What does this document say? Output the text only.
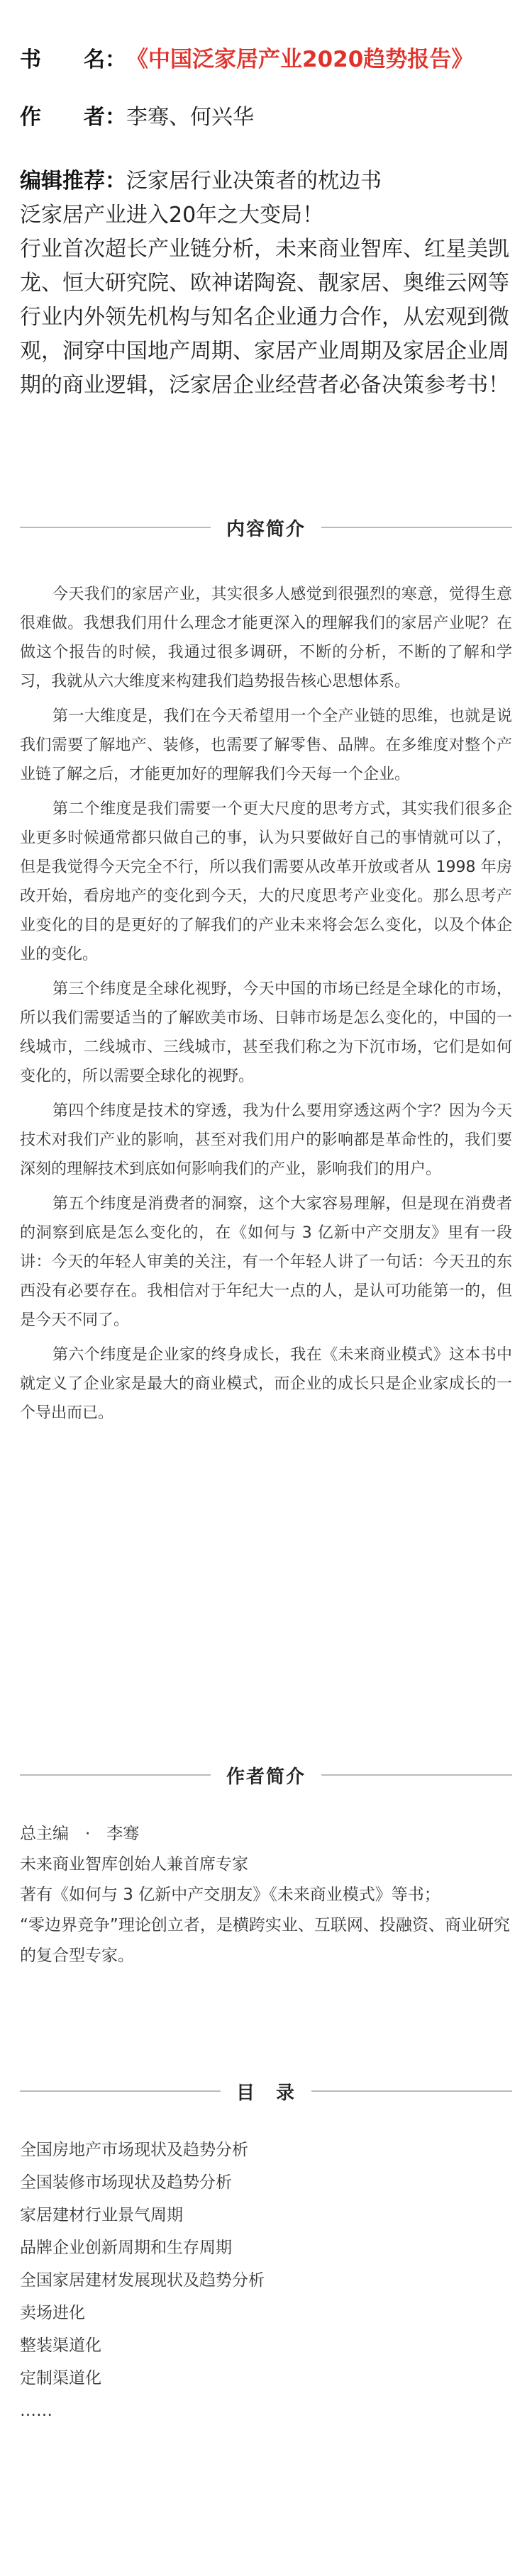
书　　名： 《中国泛家居产业2020趋势报告》
作　　者： 李骞、何兴华

编辑推荐：泛家居行业决策者的枕边书

泛家居产业进入20年之大变局！

行业首次超长产业链分析，未来商业智库、红星美凯龙、恒大研究院、欧神诺陶瓷、靓家居、奥维云网等行业内外领先机构与知名企业通力合作，从宏观到微观，洞穿中国地产周期、家居产业周期及家居企业周期的商业逻辑，泛家居企业经营者必备决策参考书！

内容简介

今天我们的家居产业，其实很多人感觉到很强烈的寒意，觉得生意很难做。我想我们用什么理念才能更深入的理解我们的家居产业呢？在做这个报告的时候，我通过很多调研，不断的分析，不断的了解和学习，我就从六大维度来构建我们趋势报告核心思想体系。

第一大维度是，我们在今天希望用一个全产业链的思维，也就是说我们需要了解地产、装修，也需要了解零售、品牌。在多维度对整个产业链了解之后，才能更加好的理解我们今天每一个企业。

第二个维度是我们需要一个更大尺度的思考方式，其实我们很多企业更多时候通常都只做自己的事，认为只要做好自己的事情就可以了，但是我觉得今天完全不行，所以我们需要从改革开放或者从 1998 年房改开始，看房地产的变化到今天，大的尺度思考产业变化。那么思考产业变化的目的是更好的了解我们的产业未来将会怎么变化，以及个体企业的变化。

第三个纬度是全球化视野，今天中国的市场已经是全球化的市场，所以我们需要适当的了解欧美市场、日韩市场是怎么变化的，中国的一线城市，二线城市、三线城市，甚至我们称之为下沉市场，它们是如何变化的，所以需要全球化的视野。

第四个纬度是技术的穿透，我为什么要用穿透这两个字？因为今天技术对我们产业的影响，甚至对我们用户的影响都是革命性的，我们要深刻的理解技术到底如何影响我们的产业，影响我们的用户。

第五个纬度是消费者的洞察，这个大家容易理解，但是现在消费者的洞察到底是怎么变化的，在《如何与 3 亿新中产交朋友》里有一段讲：今天的年轻人审美的关注，有一个年轻人讲了一句话：今天丑的东西没有必要存在。我相信对于年纪大一点的人，是认可功能第一的，但是今天不同了。

第六个纬度是企业家的终身成长，我在《未来商业模式》这本书中就定义了企业家是最大的商业模式，而企业的成长只是企业家成长的一个导出而已。

作者简介

总主编　·　李骞

未来商业智库创始人兼首席专家

著有《如何与 3 亿新中产交朋友》《未来商业模式》等书；

“零边界竞争”理论创立者，是横跨实业、互联网、投融资、商业研究的复合型专家。

目　录

全国房地产市场现状及趋势分析

全国装修市场现状及趋势分析

家居建材行业景气周期

品牌企业创新周期和生存周期

全国家居建材发展现状及趋势分析

卖场进化

整装渠道化

定制渠道化

……
